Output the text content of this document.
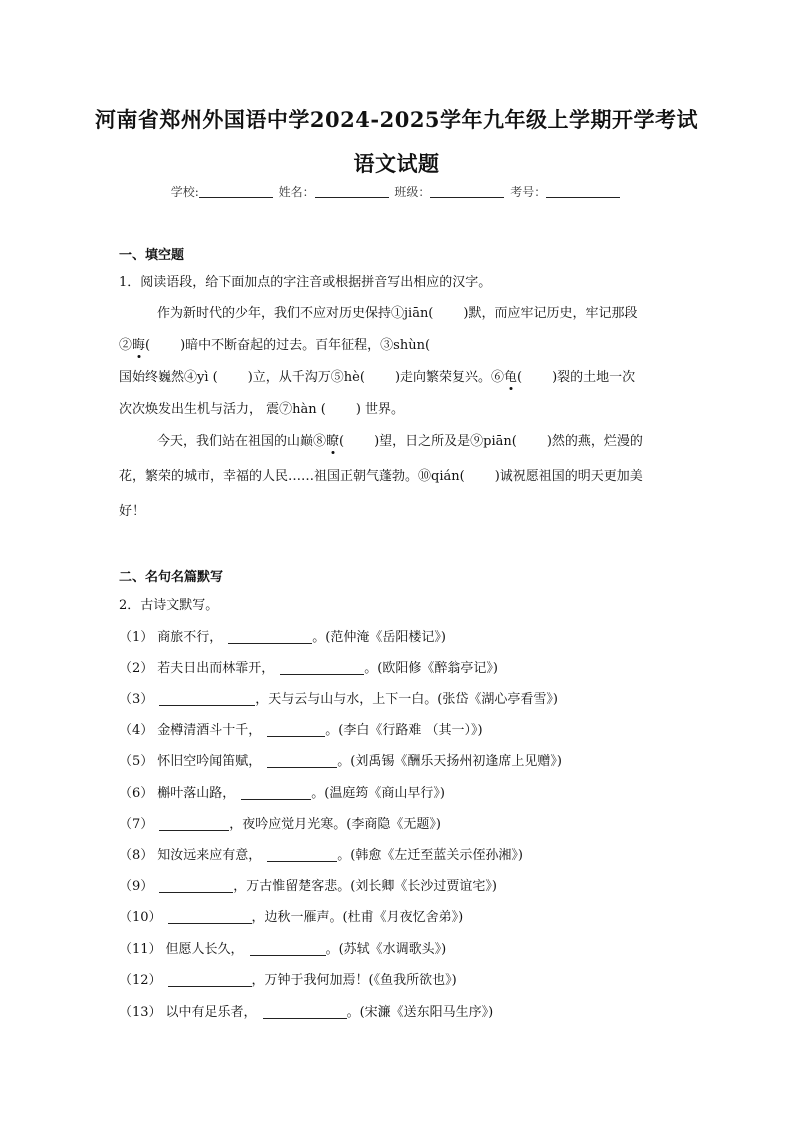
河南省郑州外国语中学2024-2025学年九年级上学期开学考试
语文试题
学校:	姓名：	班级：	考号：
一、填空题
1．阅读语段，给下面加点的字注音或根据拼音写出相应的汉字。
作为新时代的少年，我们不应对历史保持①jiān( )默，而应牢记历史，牢记那段
②晦( )暗中不断奋起的过去。百年征程，③shùn(
国始终巍然④yì ( )立，从千沟万⑤hè( )走向繁荣复兴。⑥龟( )裂的土地一次
次次焕发出生机与活力， 震⑦hàn ( ) 世界。
今天，我们站在祖国的山巅⑧瞭( )望，日之所及是⑨piān( )然的燕，烂漫的
花，繁荣的城市，幸福的人民……祖国正朝气蓬勃。⑩qián( )诚祝愿祖国的明天更加美
好！
二、名句名篇默写
2．古诗文默写。
（1） 商旅不行，	。(范仲淹《岳阳楼记》)
（2） 若夫日出而林霏开，	。(欧阳修《醉翁亭记》)
（3）	，天与云与山与水，上下一白。(张岱《湖心亭看雪》)
（4） 金樽清酒斗十千，	。(李白《行路难 （其一）》)
（5） 怀旧空吟闻笛赋，	。(刘禹锡《酬乐天扬州初逢席上见赠》)
（6） 槲叶落山路，	。(温庭筠《商山早行》)
（7）	，夜吟应觉月光寒。(李商隐《无题》)
（8） 知汝远来应有意，	。(韩愈《左迁至蓝关示侄孙湘》)
（9）	，万古惟留楚客悲。(刘长卿《长沙过贾谊宅》)
（10）	，边秋一雁声。(杜甫《月夜忆舍弟》)
（11） 但愿人长久，	。(苏轼《水调歌头》)
（12）	，万钟于我何加焉！(《鱼我所欲也》)
（13） 以中有足乐者，	。(宋濂《送东阳马生序》)
